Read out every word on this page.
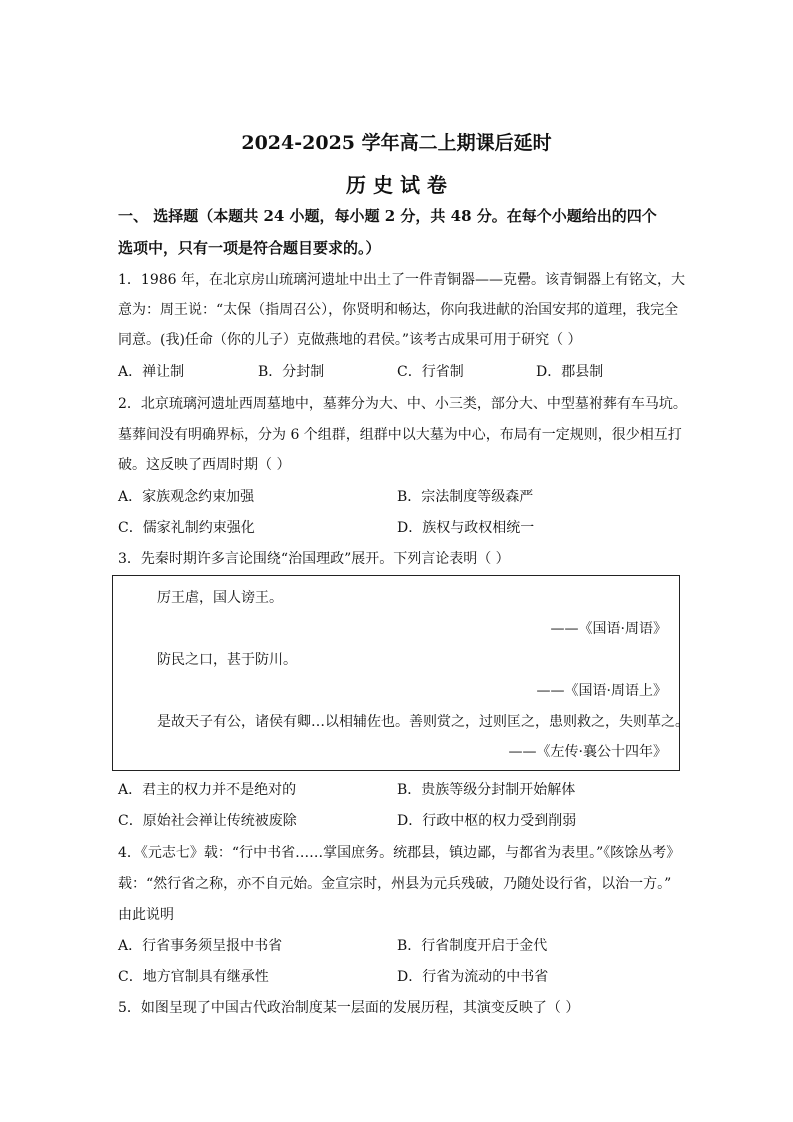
2024-2025 学年高二上期课后延时
历 史 试 卷
一、 选择题（本题共 24 小题，每小题 2 分，共 48 分。在每个小题给出的四个
选项中，只有一项是符合题目要求的。）
1．1986 年，在北京房山琉璃河遗址中出土了一件青铜器——克罍。该青铜器上有铭文，大
意为：周王说：“太保（指周召公），你贤明和畅达，你向我进献的治国安邦的道理，我完全
同意。(我)任命（你的儿子）克做燕地的君侯。”该考古成果可用于研究（ ）
A．禅让制	B．分封制	C．行省制	D．郡县制
2．北京琉璃河遗址西周墓地中，墓葬分为大、中、小三类，部分大、中型墓祔葬有车马坑。
墓葬间没有明确界标，分为 6 个组群，组群中以大墓为中心，布局有一定规则，很少相互打
破。这反映了西周时期（ ）
A．家族观念约束加强	B．宗法制度等级森严
C．儒家礼制约束强化	D．族权与政权相统一
3．先秦时期许多言论围绕“治国理政”展开。下列言论表明（ ）
厉王虐，国人谤王。
——《国语·周语》
防民之口，甚于防川。
——《国语·周语上》
是故天子有公，诸侯有卿…以相辅佐也。善则赏之，过则匡之，患则救之，失则革之。
——《左传·襄公十四年》
A．君主的权力并不是绝对的	B．贵族等级分封制开始解体
C．原始社会禅让传统被废除	D．行政中枢的权力受到削弱
4．《元志七》载：“行中书省……掌国庶务。统郡县，镇边鄙，与都省为表里。”《陔馀丛考》
载：“然行省之称，亦不自元始。金宣宗时，州县为元兵残破，乃随处设行省，以治一方。”
由此说明
A．行省事务须呈报中书省	B．行省制度开启于金代
C．地方官制具有继承性	D．行省为流动的中书省
5．如图呈现了中国古代政治制度某一层面的发展历程，其演变反映了（ ）
